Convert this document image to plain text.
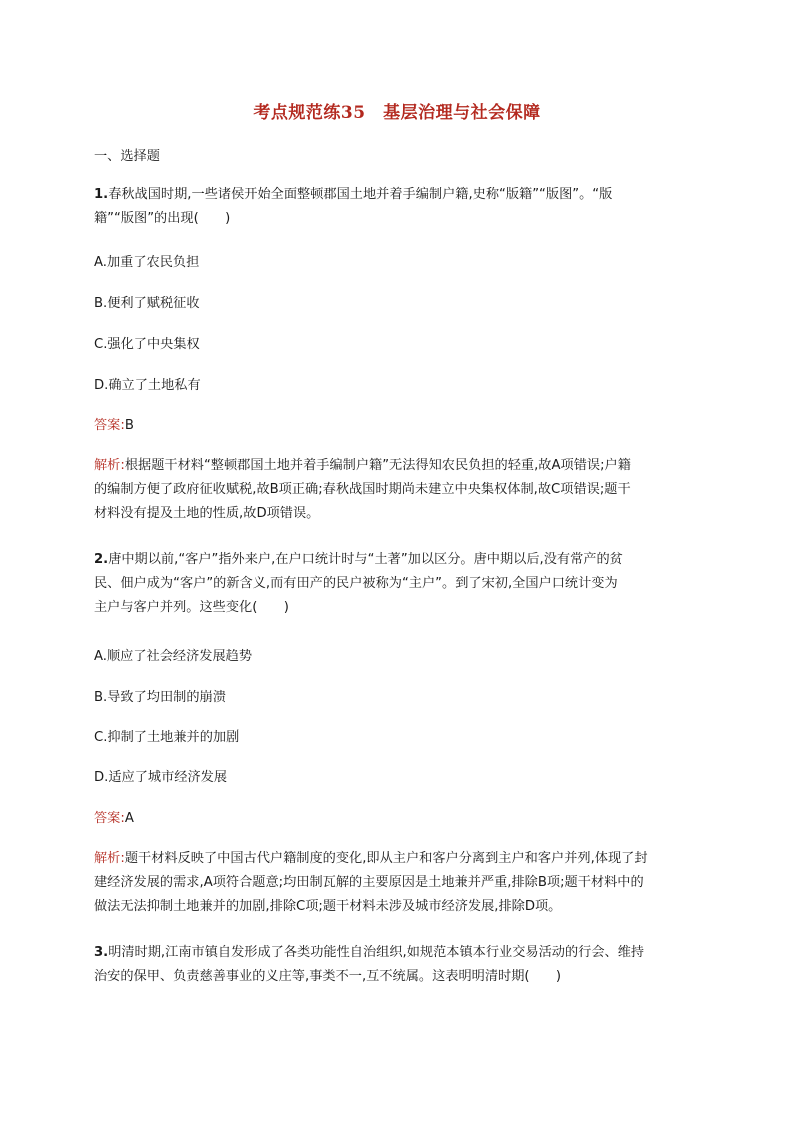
考点规范练35　基层治理与社会保障
一、选择题
1.春秋战国时期,一些诸侯开始全面整顿郡国土地并着手编制户籍,史称“版籍”“版图”。“版
籍”“版图”的出现(　　)
A.加重了农民负担
B.便利了赋税征收
C.强化了中央集权
D.确立了土地私有
答案:B
解析:根据题干材料“整顿郡国土地并着手编制户籍”无法得知农民负担的轻重,故A项错误;户籍
的编制方便了政府征收赋税,故B项正确;春秋战国时期尚未建立中央集权体制,故C项错误;题干
材料没有提及土地的性质,故D项错误。
2.唐中期以前,“客户”指外来户,在户口统计时与“土著”加以区分。唐中期以后,没有常产的贫
民、佃户成为“客户”的新含义,而有田产的民户被称为“主户”。到了宋初,全国户口统计变为
主户与客户并列。这些变化(　　)
A.顺应了社会经济发展趋势
B.导致了均田制的崩溃
C.抑制了土地兼并的加剧
D.适应了城市经济发展
答案:A
解析:题干材料反映了中国古代户籍制度的变化,即从主户和客户分离到主户和客户并列,体现了封
建经济发展的需求,A项符合题意;均田制瓦解的主要原因是土地兼并严重,排除B项;题干材料中的
做法无法抑制土地兼并的加剧,排除C项;题干材料未涉及城市经济发展,排除D项。
3.明清时期,江南市镇自发形成了各类功能性自治组织,如规范本镇本行业交易活动的行会、维持
治安的保甲、负责慈善事业的义庄等,事类不一,互不统属。这表明明清时期(　　)
